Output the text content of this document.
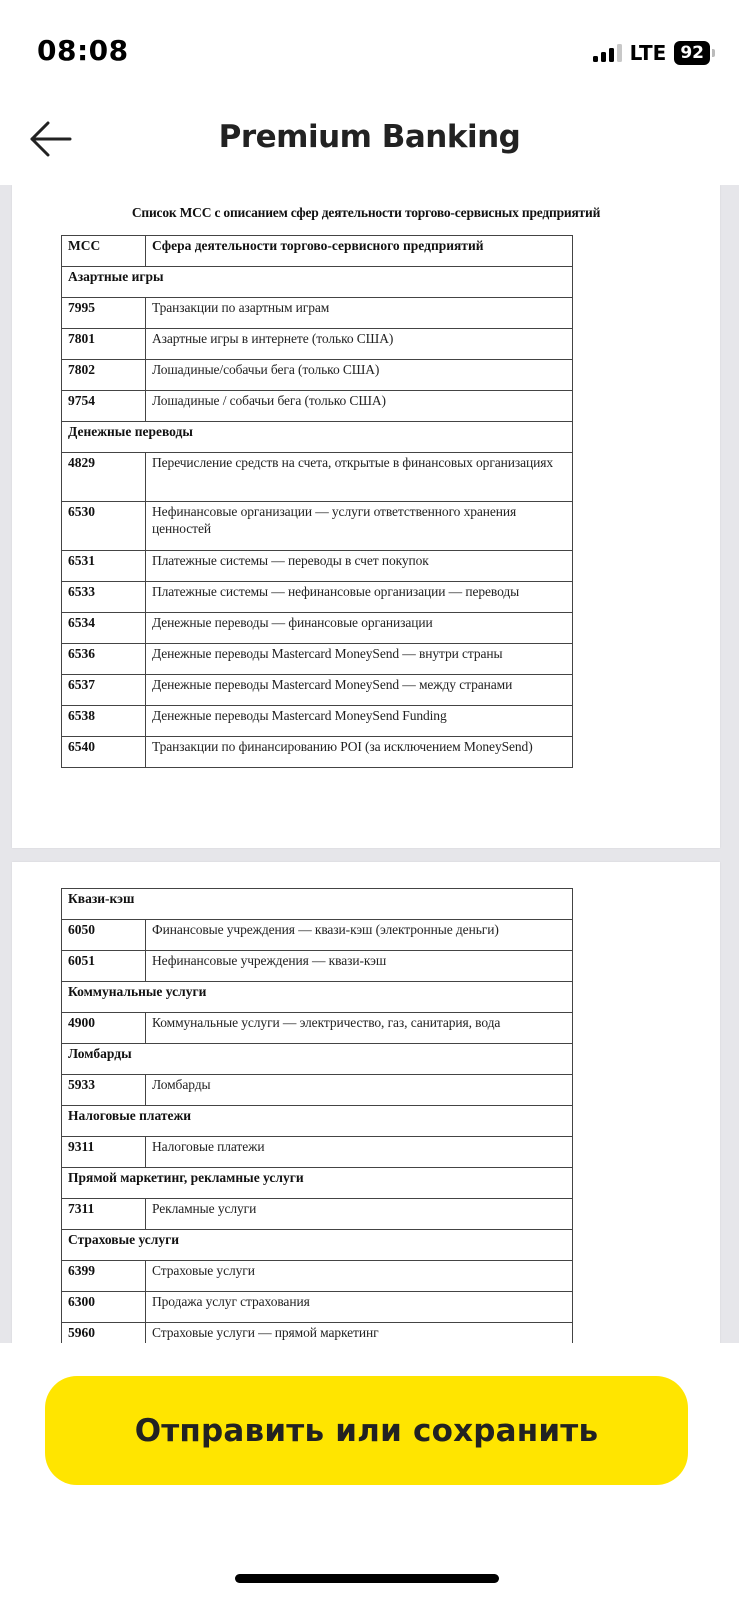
08:08	LTE 92
Premium Banking
Список МСС с описанием сфер деятельности торгово-сервисных предприятий
MCC	Сфера деятельности торгово-сервисного предприятий
Азартные игры	
7995	Транзакции по азартным играм
7801	Азартные игры в интернете (только США)
7802	Лошадиные/собачьи бега (только США)
9754	Лошадиные / собачьи бега (только США)
Денежные переводы	
4829	Перечисление средств на счета, открытые в финансовых организациях
6530	Нефинансовые организации — услуги ответственного хранения ценностей
6531	Платежные системы — переводы в счет покупок
6533	Платежные системы — нефинансовые организации — переводы
6534	Денежные переводы — финансовые организации
6536	Денежные переводы Mastercard MoneySend — внутри страны
6537	Денежные переводы Mastercard MoneySend — между странами
6538	Денежные переводы Mastercard MoneySend Funding
6540	Транзакции по финансированию POI (за исключением MoneySend)
Квази-кэш	
6050	Финансовые учреждения — квази-кэш (электронные деньги)
6051	Нефинансовые учреждения — квази-кэш
Коммунальные услуги	
4900	Коммунальные услуги — электричество, газ, санитария, вода
Ломбарды	
5933	Ломбарды
Налоговые платежи	
9311	Налоговые платежи
Прямой маркетинг, рекламные услуги	
7311	Рекламные услуги
Страховые услуги	
6399	Страховые услуги
6300	Продажа услуг страхования
5960	Страховые услуги — прямой маркетинг
Отправить или сохранить
